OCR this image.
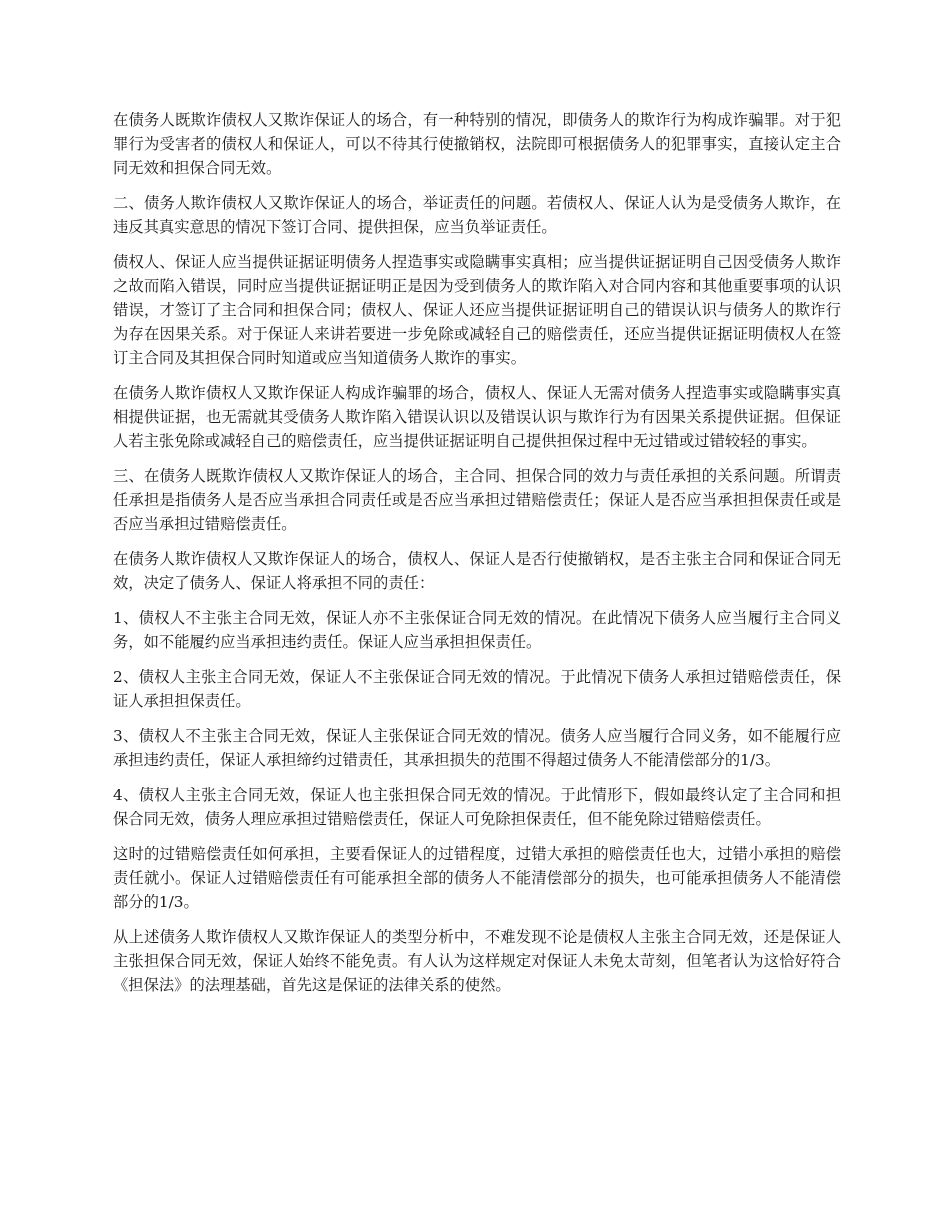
在债务人既欺诈债权人又欺诈保证人的场合，有一种特别的情况，即债务人的欺诈行为构成诈骗罪。对于犯罪行为受害者的债权人和保证人，可以不待其行使撤销权，法院即可根据债务人的犯罪事实，直接认定主合同无效和担保合同无效。

二、债务人欺诈债权人又欺诈保证人的场合，举证责任的问题。若债权人、保证人认为是受债务人欺诈，在违反其真实意思的情况下签订合同、提供担保，应当负举证责任。

债权人、保证人应当提供证据证明债务人捏造事实或隐瞒事实真相；应当提供证据证明自己因受债务人欺诈之故而陷入错误，同时应当提供证据证明正是因为受到债务人的欺诈陷入对合同内容和其他重要事项的认识错误，才签订了主合同和担保合同；债权人、保证人还应当提供证据证明自己的错误认识与债务人的欺诈行为存在因果关系。对于保证人来讲若要进一步免除或减轻自己的赔偿责任，还应当提供证据证明债权人在签订主合同及其担保合同时知道或应当知道债务人欺诈的事实。

在债务人欺诈债权人又欺诈保证人构成诈骗罪的场合，债权人、保证人无需对债务人捏造事实或隐瞒事实真相提供证据，也无需就其受债务人欺诈陷入错误认识以及错误认识与欺诈行为有因果关系提供证据。但保证人若主张免除或减轻自己的赔偿责任，应当提供证据证明自己提供担保过程中无过错或过错较轻的事实。

三、在债务人既欺诈债权人又欺诈保证人的场合，主合同、担保合同的效力与责任承担的关系问题。所谓责任承担是指债务人是否应当承担合同责任或是否应当承担过错赔偿责任；保证人是否应当承担担保责任或是否应当承担过错赔偿责任。

在债务人欺诈债权人又欺诈保证人的场合，债权人、保证人是否行使撤销权，是否主张主合同和保证合同无效，决定了债务人、保证人将承担不同的责任：

1、债权人不主张主合同无效，保证人亦不主张保证合同无效的情况。在此情况下债务人应当履行主合同义务，如不能履约应当承担违约责任。保证人应当承担担保责任。

2、债权人主张主合同无效，保证人不主张保证合同无效的情况。于此情况下债务人承担过错赔偿责任，保证人承担担保责任。

3、债权人不主张主合同无效，保证人主张保证合同无效的情况。债务人应当履行合同义务，如不能履行应承担违约责任，保证人承担缔约过错责任，其承担损失的范围不得超过债务人不能清偿部分的1/3。

4、债权人主张主合同无效，保证人也主张担保合同无效的情况。于此情形下，假如最终认定了主合同和担保合同无效，债务人理应承担过错赔偿责任，保证人可免除担保责任，但不能免除过错赔偿责任。

这时的过错赔偿责任如何承担，主要看保证人的过错程度，过错大承担的赔偿责任也大，过错小承担的赔偿责任就小。保证人过错赔偿责任有可能承担全部的债务人不能清偿部分的损失，也可能承担债务人不能清偿部分的1/3。

从上述债务人欺诈债权人又欺诈保证人的类型分析中，不难发现不论是债权人主张主合同无效，还是保证人主张担保合同无效，保证人始终不能免责。有人认为这样规定对保证人未免太苛刻，但笔者认为这恰好符合《担保法》的法理基础，首先这是保证的法律关系的使然。
